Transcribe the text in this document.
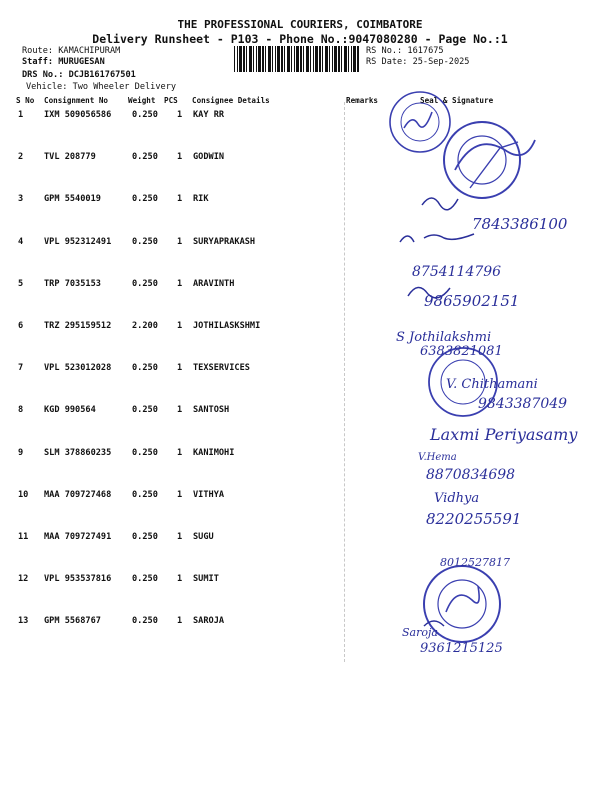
THE PROFESSIONAL COURIERS, COIMBATORE
Delivery Runsheet - P103 - Phone No.:9047080280 - Page No.:1
Route: KAMACHIPURAM
Staff: MURUGESAN
DRS No.: DCJB161767501
Vehicle: Two Wheeler Delivery
RS No.: 1617675
RS Date: 25-Sep-2025
S No Consignment No	Weight PCS Consignee Details	Remarks	Seal & Signature
1 IXM 509056586 0.250 1 KAY RR
2 TVL 208779	0.250 1 GODWIN
3 GPM 5540019	0.250 1 RIK
4 VPL 952312491 0.250 1 SURYAPRAKASH
5 TRP 7035153	0.250 1 ARAVINTH
6 TRZ 295159512 2.200 1 JOTHILASKSHMI
7 VPL 523012028 0.250 1 TEXSERVICES
8 KGD 990564	0.250 1 SANTOSH
9 SLM 378860235 0.250 1 KANIMOHI
10 MAA 709727468 0.250 1 VITHYA
11 MAA 709727491 0.250 1 SUGU
12 VPL 953537816 0.250 1 SUMIT
13 GPM 5568767	0.250 1 SAROJA
7843386100
8754114796
9865902151
S Jothilakshmi
6383821081
V. Chithamani
9843387049
Laxmi Periyasamy
V.Hema
8870834698
Vidhya
8220255591
8012527817
Saroja
9361215125
